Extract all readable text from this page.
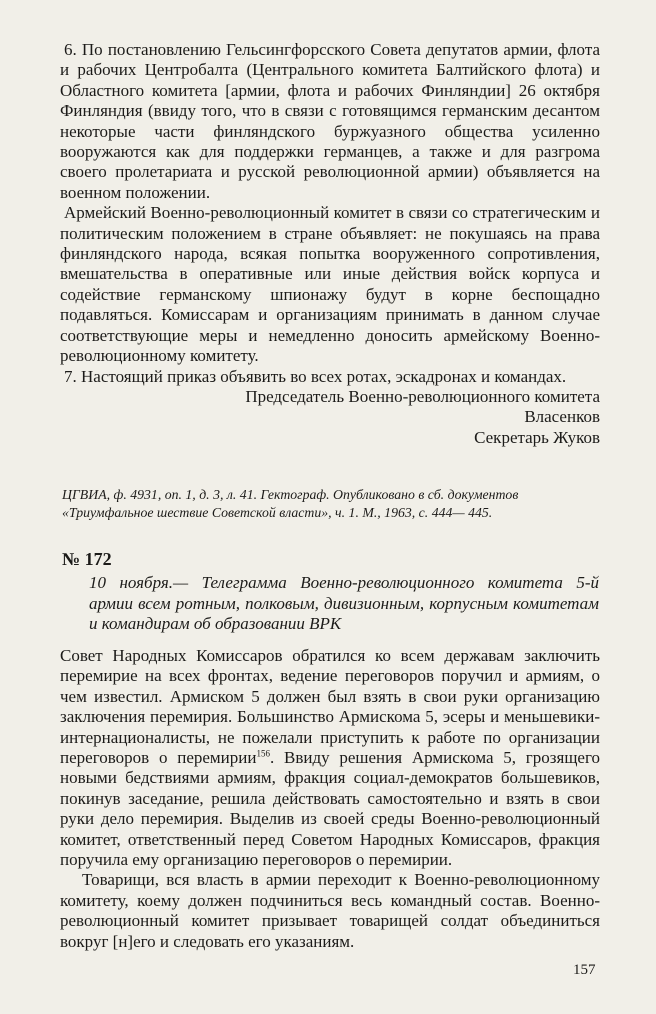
6. По постановлению Гельсингфорсского Совета депутатов армии, флота и рабочих Центробалта (Центрального комитета Балтийского флота) и Областного комитета [армии, флота и рабочих Финляндии] 26 октября Финляндия (ввиду того, что в связи с готовящимся германским десантом некоторые части финляндского буржуазного общества усиленно вооружаются как для поддержки германцев, а также и для разгрома своего пролетариата и русской революционной армии) объявляется на военном положении.

Армейский Военно-революционный комитет в связи со стратегическим и политическим положением в стране объявляет: не покушаясь на права финляндского народа, всякая попытка вооруженного сопротивления, вмешательства в оперативные или иные действия войск корпуса и содействие германскому шпионажу будут в корне беспощадно подавляться. Комиссарам и организациям принимать в данном случае соответствующие меры и немедленно доносить армейскому Военно-революционному комитету.

7. Настоящий приказ объявить во всех ротах, эскадронах и командах.

Председатель Военно-революционного комитета

Власенков

Секретарь Жуков

ЦГВИА, ф. 4931, оп. 1, д. 3, л. 41. Гектограф. Опубликовано в сб. документов «Триумфальное шествие Советской власти», ч. 1. М., 1963, с. 444— 445.

№ 172

10 ноября.— Телеграмма Военно-революционного комитета 5-й армии всем ротным, полковым, дивизионным, корпусным комитетам и командирам об образовании ВРК

Совет Народных Комиссаров обратился ко всем державам заключить перемирие на всех фронтах, ведение переговоров поручил и армиям, о чем известил. Армиском 5 должен был взять в свои руки организацию заключения перемирия. Большинство Армискома 5, эсеры и меньшевики-интернационалисты, не пожелали приступить к работе по организации переговоров о перемирии$^{156}$. Ввиду решения Армискома 5, грозящего новыми бедствиями армиям, фракция социал-демократов большевиков, покинув заседание, решила действовать самостоятельно и взять в свои руки дело перемирия. Выделив из своей среды Военно-революционный комитет, ответственный перед Советом Народных Комиссаров, фракция поручила ему организацию переговоров о перемирии.

Товарищи, вся власть в армии переходит к Военно-революционному комитету, коему должен подчиниться весь командный состав. Военно-революционный комитет призывает товарищей солдат объединиться вокруг [н]его и следовать его указаниям.

157
